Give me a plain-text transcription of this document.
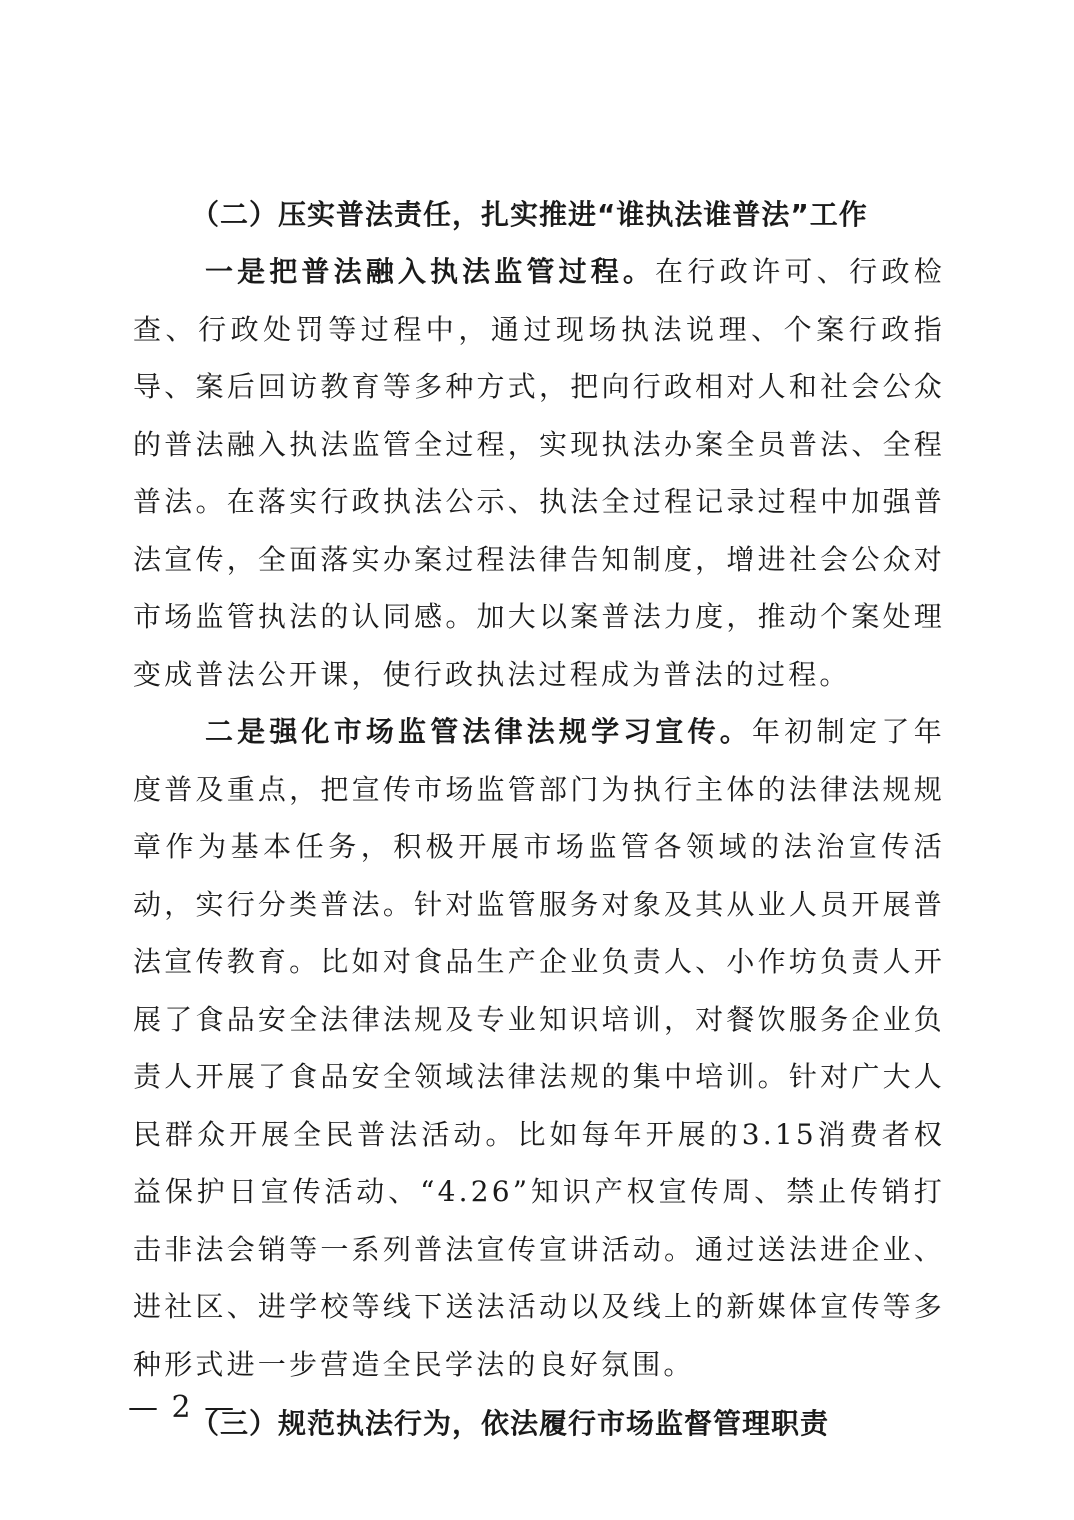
（二）压实普法责任，扎实推进“谁执法谁普法”工作

一是把普法融入执法监管过程。在行政许可、行政检查、行政处罚等过程中，通过现场执法说理、个案行政指导、案后回访教育等多种方式，把向行政相对人和社会公众的普法融入执法监管全过程，实现执法办案全员普法、全程普法。在落实行政执法公示、执法全过程记录过程中加强普法宣传，全面落实办案过程法律告知制度，增进社会公众对市场监管执法的认同感。加大以案普法力度，推动个案处理变成普法公开课，使行政执法过程成为普法的过程。

二是强化市场监管法律法规学习宣传。年初制定了年度普及重点，把宣传市场监管部门为执行主体的法律法规规章作为基本任务，积极开展市场监管各领域的法治宣传活动，实行分类普法。针对监管服务对象及其从业人员开展普法宣传教育。比如对食品生产企业负责人、小作坊负责人开展了食品安全法律法规及专业知识培训，对餐饮服务企业负责人开展了食品安全领域法律法规的集中培训。针对广大人民群众开展全民普法活动。比如每年开展的3.15消费者权益保护日宣传活动、“4.26”知识产权宣传周、禁止传销打击非法会销等一系列普法宣传宣讲活动。通过送法进企业、进社区、进学校等线下送法活动以及线上的新媒体宣传等多种形式进一步营造全民学法的良好氛围。

（三）规范执法行为，依法履行市场监督管理职责
— 2 —
